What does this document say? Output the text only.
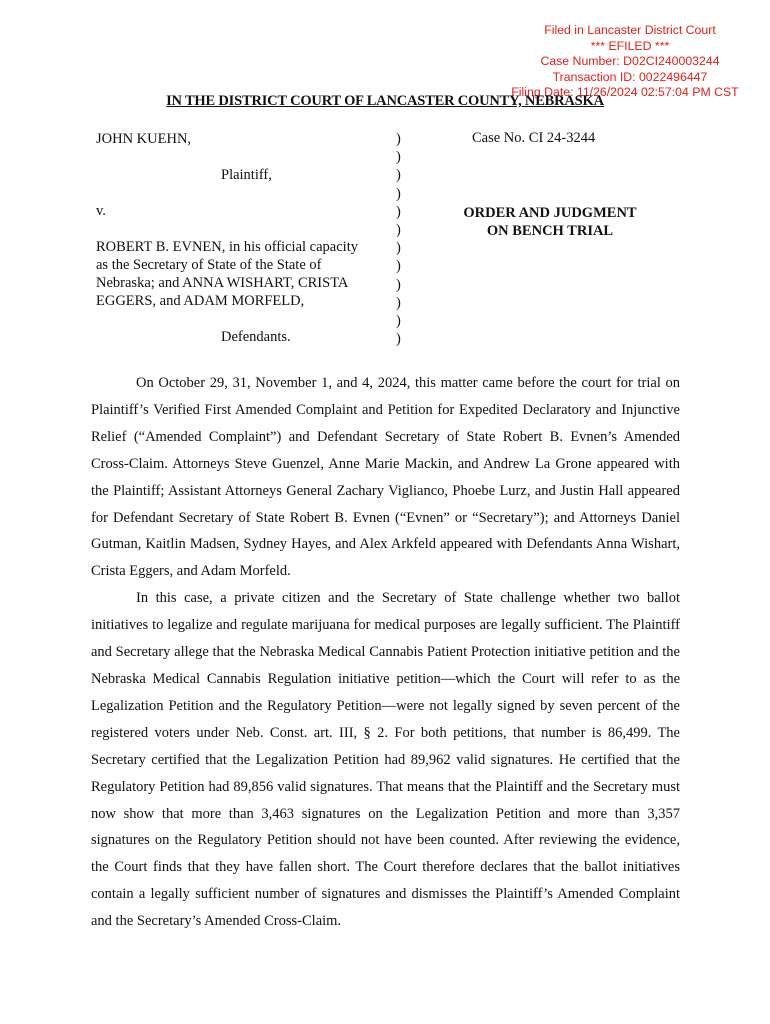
Filed in Lancaster District Court
*** EFILED ***
Case Number: D02CI240003244
Transaction ID: 0022496447
Filing Date: 11/26/2024 02:57:04 PM CST
IN THE DISTRICT COURT OF LANCASTER COUNTY, NEBRASKA
JOHN KUEHN,
Plaintiff,
v.
ROBERT B. EVNEN, in his official capacity
as the Secretary of State of the State of
Nebraska; and ANNA WISHART, CRISTA
EGGERS, and ADAM MORFELD,
Defendants.
)
)
)
)
)
)
)
)
)
)
)
)
Case No. CI 24-3244
ORDER AND JUDGMENT
ON BENCH TRIAL

On October 29, 31, November 1, and 4, 2024, this matter came before the court for trial on Plaintiff’s Verified First Amended Complaint and Petition for Expedited Declaratory and Injunctive Relief (“Amended Complaint”) and Defendant Secretary of State Robert B. Evnen’s Amended Cross-Claim. Attorneys Steve Guenzel, Anne Marie Mackin, and Andrew La Grone appeared with the Plaintiff; Assistant Attorneys General Zachary Viglianco, Phoebe Lurz, and Justin Hall appeared for Defendant Secretary of State Robert B. Evnen (“Evnen” or “Secretary”); and Attorneys Daniel Gutman, Kaitlin Madsen, Sydney Hayes, and Alex Arkfeld appeared with Defendants Anna Wishart, Crista Eggers, and Adam Morfeld.

In this case, a private citizen and the Secretary of State challenge whether two ballot initiatives to legalize and regulate marijuana for medical purposes are legally sufficient. The Plaintiff and Secretary allege that the Nebraska Medical Cannabis Patient Protection initiative petition and the Nebraska Medical Cannabis Regulation initiative petition—which the Court will refer to as the Legalization Petition and the Regulatory Petition—were not legally signed by seven percent of the registered voters under Neb. Const. art. III, § 2. For both petitions, that number is 86,499. The Secretary certified that the Legalization Petition had 89,962 valid signatures. He certified that the Regulatory Petition had 89,856 valid signatures. That means that the Plaintiff and the Secretary must now show that more than 3,463 signatures on the Legalization Petition and more than 3,357 signatures on the Regulatory Petition should not have been counted. After reviewing the evidence, the Court finds that they have fallen short. The Court therefore declares that the ballot initiatives contain a legally sufficient number of signatures and dismisses the Plaintiff’s Amended Complaint and the Secretary’s Amended Cross-Claim.
